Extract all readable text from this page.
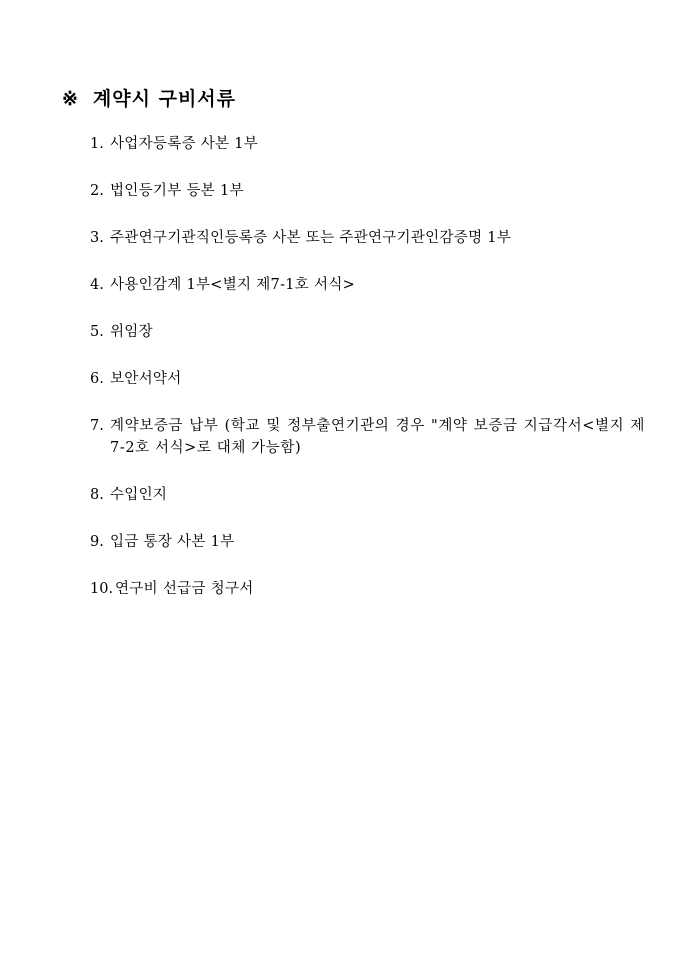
※ 계약시 구비서류
1. 사업자등록증 사본 1부
2. 법인등기부 등본 1부
3. 주관연구기관직인등록증 사본 또는 주관연구기관인감증명 1부
4. 사용인감계 1부<별지 제7-1호 서식>
5. 위임장
6. 보안서약서
7. 계약보증금 납부 (학교 및 정부출연기관의 경우 "계약 보증금 지급각서<별지 제7-2호 서식>로 대체 가능함)
8. 수입인지
9. 입금 통장 사본 1부
10. 연구비 선급금 청구서
